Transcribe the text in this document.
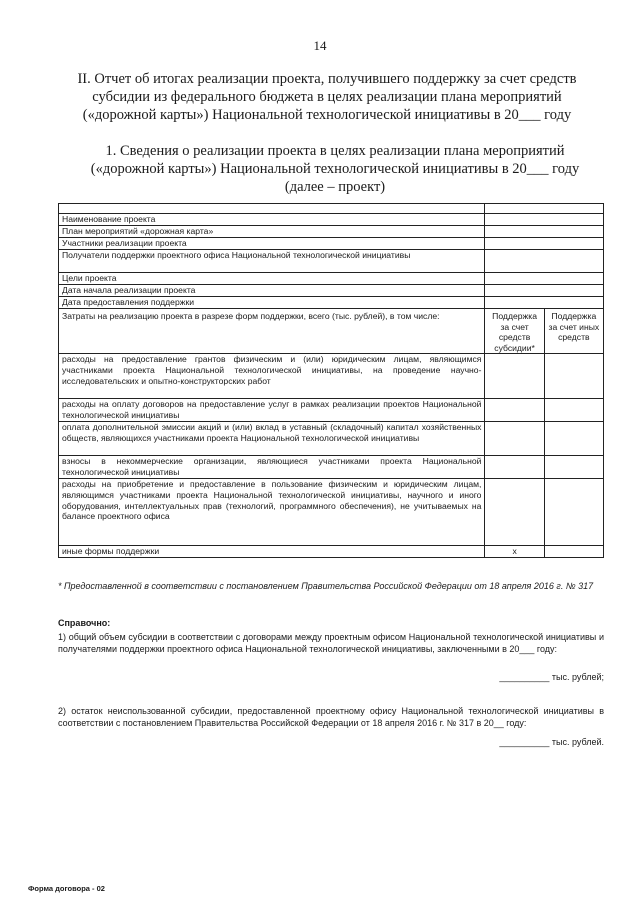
14
II. Отчет об итогах реализации проекта, получившего поддержку за счет средств субсидии из федерального бюджета в целях реализации плана мероприятий («дорожной карты») Национальной технологической инициативы в 20___ году
1. Сведения о реализации проекта в целях реализации плана мероприятий («дорожной карты») Национальной технологической инициативы в 20___ году (далее – проект)

Наименование проекта		
План мероприятий «дорожная карта»		
Участники реализации проекта		
Получатели поддержки проектного офиса Национальной технологической инициативы		
Цели проекта		
Дата начала реализации проекта		
Дата предоставления поддержки		
Затраты на реализацию проекта в разрезе форм поддержки, всего (тыс. рублей), в том числе:	Поддержка за счет средств субсидии*	Поддержка за счет иных средств
расходы на предоставление грантов физическим и (или) юридическим лицам, являющимся участниками проекта Национальной технологической инициативы, на проведение научно-исследовательских и опытно-конструкторских работ		
расходы на оплату договоров на предоставление услуг в рамках реализации проектов Национальной технологической инициативы		
оплата дополнительной эмиссии акций и (или) вклад в уставный (складочный) капитал хозяйственных обществ, являющихся участниками проекта Национальной технологической инициативы		
взносы в некоммерческие организации, являющиеся участниками проекта Национальной технологической инициативы		
расходы на приобретение и предоставление в пользование физическим и юридическим лицам, являющимся участниками проекта Национальной технологической инициативы, научного и иного оборудования, интеллектуальных прав (технологий, программного обеспечения), не учитываемых на балансе проектного офиса		
иные формы поддержки	x	
* Предоставленной в соответствии с постановлением Правительства Российской Федерации от 18 апреля 2016 г. № 317
Справочно:
1) общий объем субсидии в соответствии с договорами между проектным офисом Национальной технологической инициативы и получателями поддержки проектного офиса Национальной технологической инициативы, заключенными в 20___ году:
__________ тыс. рублей;
2) остаток неиспользованной субсидии, предоставленной проектному офису Национальной технологической инициативы в соответствии с постановлением Правительства Российской Федерации от 18 апреля 2016 г. № 317 в 20__ году:
__________ тыс. рублей.
Форма договора - 02
